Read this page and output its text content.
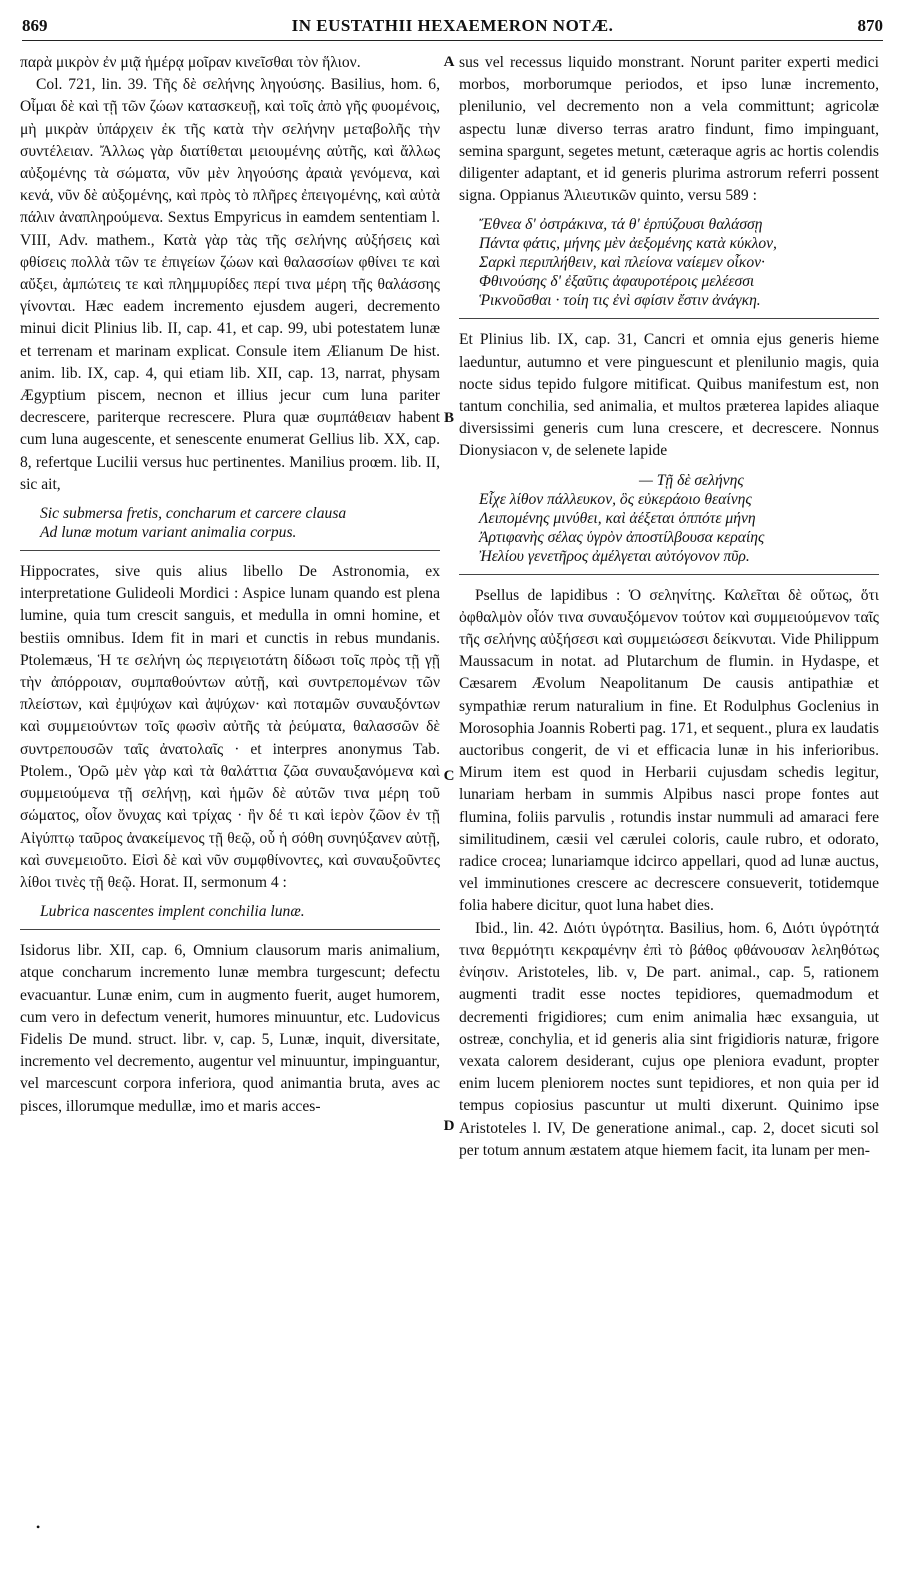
869	IN EUSTATHII HEXAEMERON NOTÆ.	870

παρὰ μικρὸν ἐν μιᾷ ἡμέρᾳ μοῖραν κινεῖσθαι τὸν ἥλιον.

Col. 721, lin. 39. Τῆς δὲ σελήνης ληγούσης. Basilius, hom. 6, Οἶμαι δὲ καὶ τῇ τῶν ζώων κατασκευῇ, καὶ τοῖς ἀπὸ γῆς φυομένοις, μὴ μικρὰν ὑπάρχειν ἐκ τῆς κατὰ τὴν σελήνην μεταβολῆς τὴν συντέλειαν. Ἄλλως γὰρ διατίθεται μειουμένης αὐτῆς, καὶ ἄλλως αὐξομένης τὰ σώματα, νῦν μὲν ληγούσης ἀραιὰ γενόμενα, καὶ κενά, νῦν δὲ αὐξομένης, καὶ πρὸς τὸ πλῆρες ἐπειγομένης, καὶ αὐτὰ πάλιν ἀναπληρούμενα. Sextus Empyricus in eamdem sententiam l. VIII, Adv. mathem., Κατὰ γὰρ τὰς τῆς σελήνης αὐξήσεις καὶ φθίσεις πολλὰ τῶν τε ἐπιγείων ζώων καὶ θαλασσίων φθίνει τε καὶ αὔξει, ἀμπώτεις τε καὶ πλημμυρίδες περί τινα μέρη τῆς θαλάσσης γίνονται. Hæc eadem incremento ejusdem augeri, decremento minui dicit Plinius lib. II, cap. 41, et cap. 99, ubi potestatem lunæ et terrenam et marinam explicat. Consule item Ælianum De hist. anim. lib. IX, cap. 4, qui etiam lib. XII, cap. 13, narrat, physam Ægyptium piscem, necnon et illius jecur cum luna pariter decrescere, pariterque recrescere. Plura quæ συμπάθειαν habent cum luna augescente, et senescente enumerat Gellius lib. XX, cap. 8, refertque Lucilii versus huc pertinentes. Manilius proœm. lib. II, sic ait,

Sic submersa fretis, concharum et carcere clausa
Ad lunæ motum variant animalia corpus.

Hippocrates, sive quis alius libello De Astronomia, ex interpretatione Gulideoli Mordici : Aspice lunam quando est plena lumine, quia tum crescit sanguis, et medulla in omni homine, et bestiis omnibus. Idem fit in mari et cunctis in rebus mundanis. Ptolemæus, Ἡ τε σελήνη ὡς περιγειοτάτη δίδωσι τοῖς πρὸς τῇ γῇ τὴν ἀπόρροιαν, συμπαθούντων αὐτῇ, καὶ συντρεπομένων τῶν πλείστων, καὶ ἐμψύχων καὶ ἀψύχων· καὶ ποταμῶν συναυξόντων καὶ συμμειούντων τοῖς φωσὶν αὐτῆς τὰ ῥεύματα, θαλασσῶν δὲ συντρεπουσῶν ταῖς ἀνατολαῖς · et interpres anonymus Tab. Ptolem., Ὁρῶ μὲν γὰρ καὶ τὰ θαλάττια ζῶα συναυξανόμενα καὶ συμμειούμενα τῇ σελήνῃ, καὶ ἡμῶν δὲ αὐτῶν τινα μέρη τοῦ σώματος, οἷον ὄνυχας καὶ τρίχας · ἣν δέ τι καὶ ἱερὸν ζῶον ἐν τῇ Αἰγύπτῳ ταῦρος ἀνακείμενος τῇ θεῷ, οὗ ἡ σόθη συνηύξανεν αὐτῇ, καὶ συνεμειοῦτο. Εἰσὶ δὲ καὶ νῦν συμφθίνοντες, καὶ συναυξοῦντες λίθοι τινὲς τῇ θεῷ. Horat. II, sermonum 4 :

Lubrica nascentes implent conchilia lunæ.

Isidorus libr. XII, cap. 6, Omnium clausorum maris animalium, atque concharum incremento lunæ membra turgescunt; defectu evacuantur. Lunæ enim, cum in augmento fuerit, auget humorem, cum vero in defectum venerit, humores minuuntur, etc. Ludovicus Fidelis De mund. struct. libr. v, cap. 5, Lunæ, inquit, diversitate, incremento vel decremento, augentur vel minuuntur, impinguantur, vel marcescunt corpora inferiora, quod animantia bruta, aves ac pisces, illorumque medullæ, imo et maris acces-

A
B
C
D

sus vel recessus liquido monstrant. Norunt pariter experti medici morbos, morborumque periodos, et ipso lunæ incremento, plenilunio, vel decremento non a vela committunt; agricolæ aspectu lunæ diverso terras aratro findunt, fimo impinguant, semina spargunt, segetes metunt, cæteraque agris ac hortis colendis diligenter adaptant, et id generis plurima astrorum referri possent signa. Oppianus Ἀλιευτικῶν quinto, versu 589 :

Ἔθνεα δ' ὀστράκινα, τά θ' ἑρπύζουσι θαλάσσῃ
Πάντα φάτις, μήνης μὲν ἀεξομένης κατὰ κύκλον,
Σαρκὶ περιπλήθειν, καὶ πλείονα ναίεμεν οἶκον·
Φθινούσης δ' ἐξαῦτις ἀφαυροτέροις μελέεσσι
Ῥικνοῦσθαι · τοίη τις ἐνὶ σφίσιν ἔστιν ἀνάγκη.

Et Plinius lib. IX, cap. 31, Cancri et omnia ejus generis hieme laeduntur, autumno et vere pinguescunt et plenilunio magis, quia nocte sidus tepido fulgore mitificat. Quibus manifestum est, non tantum conchilia, sed animalia, et multos præterea lapides aliaque diversissimi generis cum luna crescere, et decrescere. Nonnus Dionysiacon v, de selenete lapide

— Τῇ δὲ σελήνης
Εἶχε λίθον πάλλευκον, ὃς εὐκεράοιο θεαίνης
Λειπομένης μινύθει, καὶ ἀέξεται ὁππότε μήνη
Ἀρτιφανὴς σέλας ὑγρὸν ἀποστίλβουσα κεραίης
Ἠελίου γενετῆρος ἀμέλγεται αὐτόγονον πῦρ.

Psellus de lapidibus : Ὁ σεληνίτης. Καλεῖται δὲ οὕτως, ὅτι ὀφθαλμὸν οἷόν τινα συναυξόμενον τούτον καὶ συμμειούμενον ταῖς τῆς σελήνης αὐξήσεσι καὶ συμμειώσεσι δείκνυται. Vide Philippum Maussacum in notat. ad Plutarchum de flumin. in Hydaspe, et Cæsarem Ævolum Neapolitanum De causis antipathiæ et sympathiæ rerum naturalium in fine. Et Rodulphus Goclenius in Morosophia Joannis Roberti pag. 171, et sequent., plura ex laudatis auctoribus congerit, de vi et efficacia lunæ in his inferioribus. Mirum item est quod in Herbarii cujusdam schedis legitur, lunariam herbam in summis Alpibus nasci prope fontes aut flumina, foliis parvulis , rotundis instar nummuli ad amaraci fere similitudinem, cæsii vel cærulei coloris, caule rubro, et odorato, radice crocea; lunariamque idcirco appellari, quod ad lunæ auctus, vel imminutiones crescere ac decrescere consueverit, totidemque folia habere dicitur, quot luna habet dies.

Ibid., lin. 42. Διότι ὑγρότητα. Basilius, hom. 6, Διότι ὑγρότητά τινα θερμότητι κεκραμένην ἐπὶ τὸ βάθος φθάνουσαν λεληθότως ἐνίησιν. Aristoteles, lib. v, De part. animal., cap. 5, rationem augmenti tradit esse noctes tepidiores, quemadmodum et decrementi frigidiores; cum enim animalia hæc exsanguia, ut ostreæ, conchylia, et id generis alia sint frigidioris naturæ, frigore vexata calorem desiderant, cujus ope pleniora evadunt, propter enim lucem pleniorem noctes sunt tepidiores, et non quia per id tempus copiosius pascuntur ut multi dixerunt. Quinimo ipse Aristoteles l. IV, De generatione animal., cap. 2, docet sicuti sol per totum annum æstatem atque hiemem facit, ita lunam per men-

•
